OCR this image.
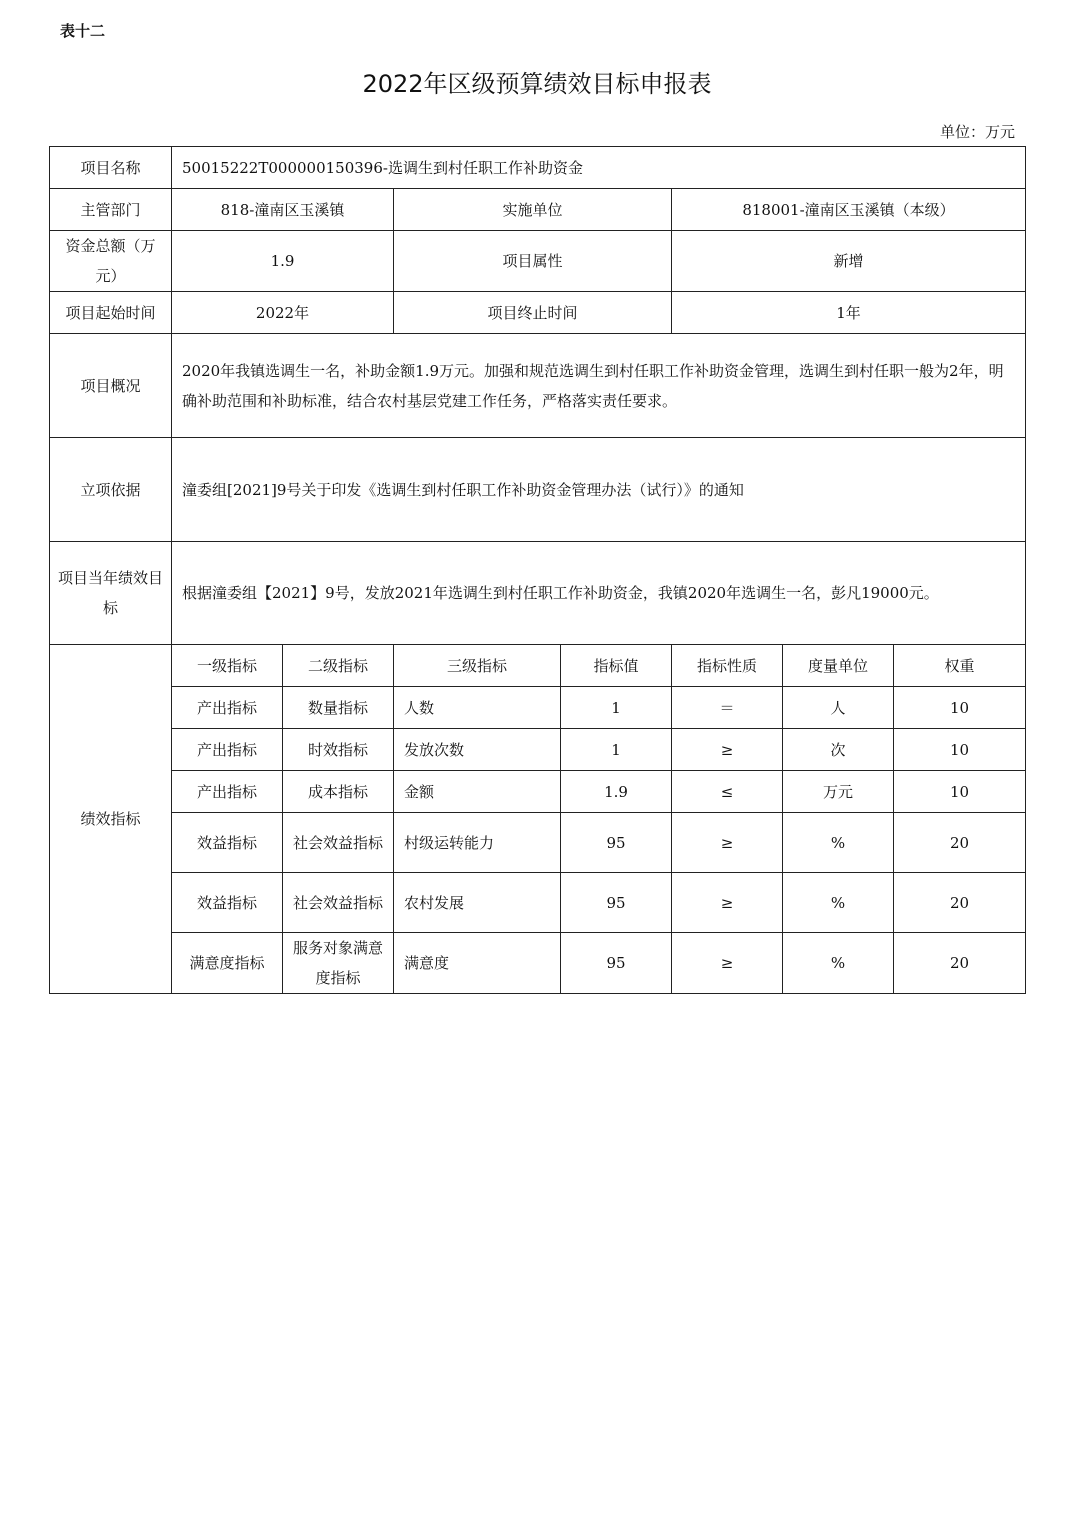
表十二
2022年区级预算绩效目标申报表
单位：万元
项目名称	50015222T000000150396-选调生到村任职工作补助资金						
主管部门	818-潼南区玉溪镇		实施单位		818001-潼南区玉溪镇（本级）		
资金总额（万元）	1.9		项目属性		新增		
项目起始时间	2022年		项目终止时间		1年		
项目概况	2020年我镇选调生一名，补助金额1.9万元。加强和规范选调生到村任职工作补助资金管理，选调生到村任职一般为2年，明确补助范围和补助标准，结合农村基层党建工作任务，严格落实责任要求。						
立项依据	潼委组[2021]9号关于印发《选调生到村任职工作补助资金管理办法（试行）》的通知						
项目当年绩效目标	根据潼委组【2021】9号，发放2021年选调生到村任职工作补助资金，我镇2020年选调生一名，彭凡19000元。						
绩效指标	一级指标	二级指标	三级指标	指标值	指标性质	度量单位	权重
	产出指标	数量指标	人数	1	＝	人	10
	产出指标	时效指标	发放次数	1	≥	次	10
	产出指标	成本指标	金额	1.9	≤	万元	10
	效益指标	社会效益指标	村级运转能力	95	≥	%	20
	效益指标	社会效益指标	农村发展	95	≥	%	20
	满意度指标	服务对象满意度指标	满意度	95	≥	%	20
